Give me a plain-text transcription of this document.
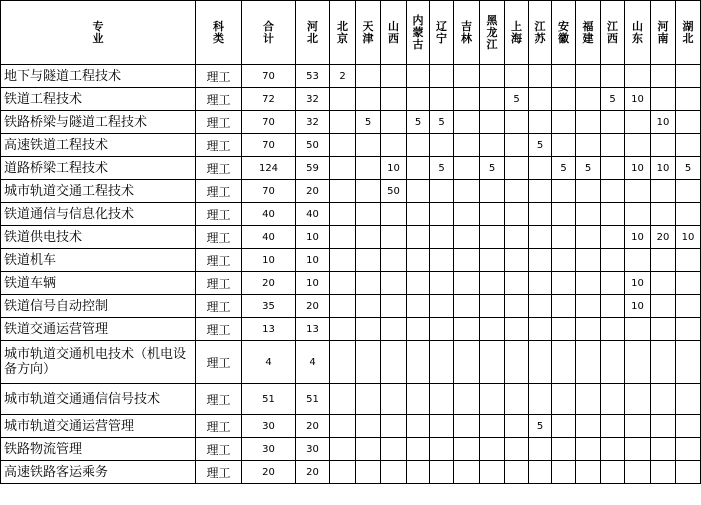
专业	科类	合计	河北	北京	天津	山西	内蒙古	辽宁	吉林	黑龙江	上海	江苏	安徽	福建	江西	山东	河南	湖北
地下与隧道工程技术	理工	70	53	2														
铁道工程技术	理工	72	32								5				5	10		
铁路桥梁与隧道工程技术	理工	70	32		5		5	5									10	
高速铁道工程技术	理工	70	50									5						
道路桥梁工程技术	理工	124	59			10		5		5			5	5		10	10	5
城市轨道交通工程技术	理工	70	20			50												
铁道通信与信息化技术	理工	40	40															
铁道供电技术	理工	40	10													10	20	10
铁道机车	理工	10	10															
铁道车辆	理工	20	10													10		
铁道信号自动控制	理工	35	20													10		
铁道交通运营管理	理工	13	13															
城市轨道交通机电技术（机电设备方向）	理工	4	4															
城市轨道交通通信信号技术	理工	51	51															
城市轨道交通运营管理	理工	30	20									5						
铁路物流管理	理工	30	30															
高速铁路客运乘务	理工	20	20															
